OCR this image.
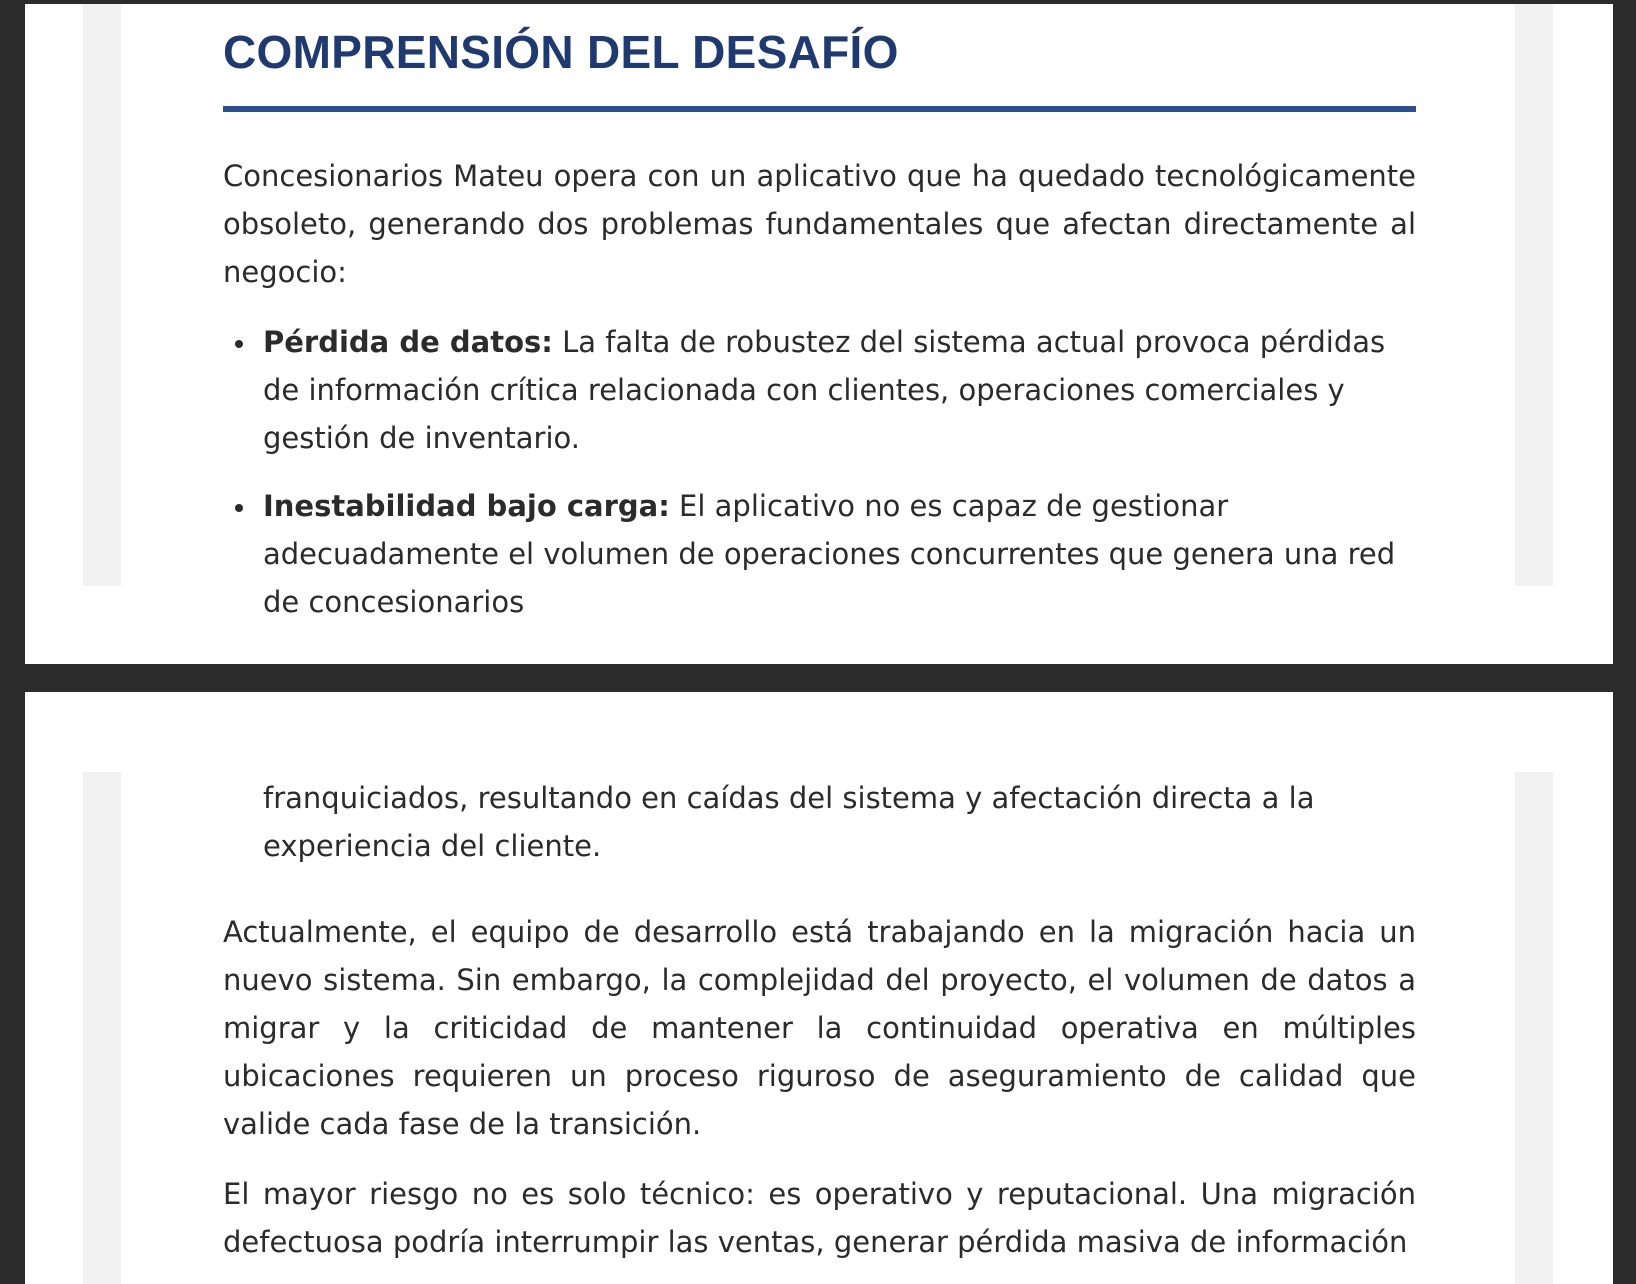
COMPRENSIÓN DEL DESAFÍO

Concesionarios Mateu opera con un aplicativo que ha quedado tecnológicamente obsoleto, generando dos problemas fundamentales que afectan directamente al negocio:

Pérdida de datos: La falta de robustez del sistema actual provoca pérdidas de información crítica relacionada con clientes, operaciones comerciales y gestión de inventario.
Inestabilidad bajo carga: El aplicativo no es capaz de gestionar adecuadamente el volumen de operaciones concurrentes que genera una red de concesionarios
franquiciados, resultando en caídas del sistema y afectación directa a la experiencia del cliente.

Actualmente, el equipo de desarrollo está trabajando en la migración hacia un nuevo sistema. Sin embargo, la complejidad del proyecto, el volumen de datos a migrar y la criticidad de mantener la continuidad operativa en múltiples ubicaciones requieren un proceso riguroso de aseguramiento de calidad que valide cada fase de la transición.

El mayor riesgo no es solo técnico: es operativo y reputacional. Una migración defectuosa podría interrumpir las ventas, generar pérdida masiva de información
